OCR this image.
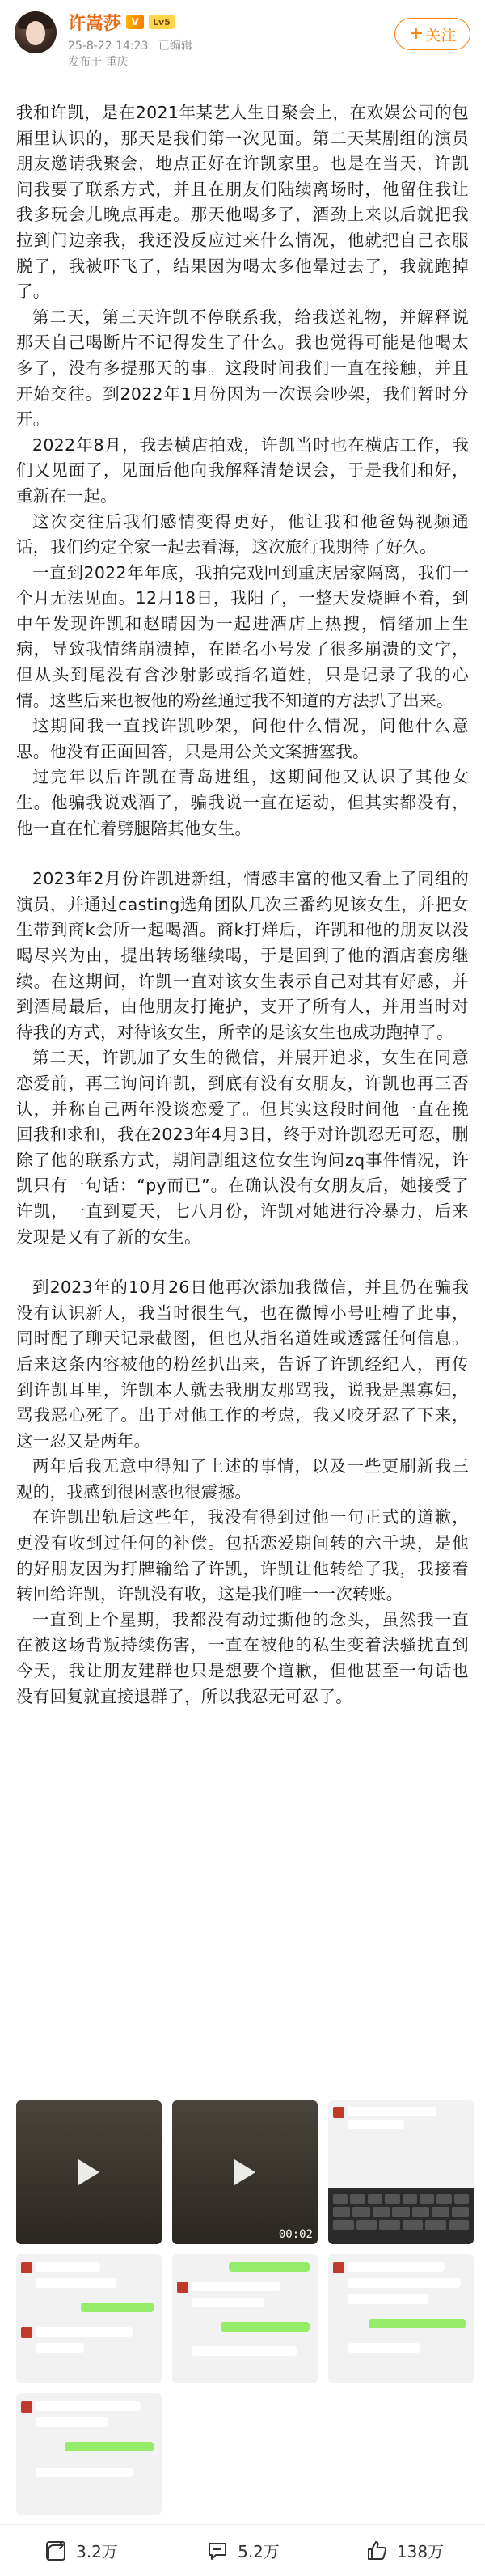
许嵩莎	V	Lv5
25-8-22 14:23 已编辑
发布于 重庆
+ 关注

我和许凯，是在2021年某艺人生日聚会上，在欢娱公司的包厢里认识的，那天是我们第一次见面。第二天某剧组的演员朋友邀请我聚会，地点正好在许凯家里。也是在当天，许凯问我要了联系方式，并且在朋友们陆续离场时，他留住我让我多玩会儿晚点再走。那天他喝多了，酒劲上来以后就把我拉到门边亲我，我还没反应过来什么情况，他就把自己衣服脱了，我被吓飞了，结果因为喝太多他晕过去了，我就跑掉了。

第二天，第三天许凯不停联系我，给我送礼物，并解释说那天自己喝断片不记得发生了什么。我也觉得可能是他喝太多了，没有多提那天的事。这段时间我们一直在接触，并且开始交往。到2022年1月份因为一次误会吵架，我们暂时分开。

2022年8月，我去横店拍戏，许凯当时也在横店工作，我们又见面了，见面后他向我解释清楚误会，于是我们和好，重新在一起。

这次交往后我们感情变得更好，他让我和他爸妈视频通话，我们约定全家一起去看海，这次旅行我期待了好久。

一直到2022年年底，我拍完戏回到重庆居家隔离，我们一个月无法见面。12月18日，我阳了，一整天发烧睡不着，到中午发现许凯和赵晴因为一起进酒店上热搜，情绪加上生病，导致我情绪崩溃掉，在匿名小号发了很多崩溃的文字，但从头到尾没有含沙射影或指名道姓，只是记录了我的心情。这些后来也被他的粉丝通过我不知道的方法扒了出来。

这期间我一直找许凯吵架，问他什么情况，问他什么意思。他没有正面回答，只是用公关文案搪塞我。

过完年以后许凯在青岛进组，这期间他又认识了其他女生。他骗我说戏酒了，骗我说一直在运动，但其实都没有，他一直在忙着劈腿陪其他女生。

2023年2月份许凯进新组，情感丰富的他又看上了同组的演员，并通过casting选角团队几次三番约见该女生，并把女生带到商k会所一起喝酒。商k打烊后，许凯和他的朋友以没喝尽兴为由，提出转场继续喝，于是回到了他的酒店套房继续。在这期间，许凯一直对该女生表示自己对其有好感，并到酒局最后，由他朋友打掩护，支开了所有人，并用当时对待我的方式，对待该女生，所幸的是该女生也成功跑掉了。

第二天，许凯加了女生的微信，并展开追求，女生在同意恋爱前，再三询问许凯，到底有没有女朋友，许凯也再三否认，并称自己两年没谈恋爱了。但其实这段时间他一直在挽回我和求和，我在2023年4月3日，终于对许凯忍无可忍，删除了他的联系方式，期间剧组这位女生询问zq事件情况，许凯只有一句话：“py而已”。在确认没有女朋友后，她接受了许凯，一直到夏天，七八月份，许凯对她进行冷暴力，后来发现是又有了新的女生。

到2023年的10月26日他再次添加我微信，并且仍在骗我没有认识新人，我当时很生气，也在微博小号吐槽了此事，同时配了聊天记录截图，但也从指名道姓或透露任何信息。后来这条内容被他的粉丝扒出来，告诉了许凯经纪人，再传到许凯耳里，许凯本人就去我朋友那骂我，说我是黑寡妇，骂我恶心死了。出于对他工作的考虑，我又咬牙忍了下来，这一忍又是两年。

两年后我无意中得知了上述的事情，以及一些更刷新我三观的，我感到很困惑也很震撼。

在许凯出轨后这些年，我没有得到过他一句正式的道歉，更没有收到过任何的补偿。包括恋爱期间转的六千块，是他的好朋友因为打牌输给了许凯，许凯让他转给了我，我接着转回给许凯，许凯没有收，这是我们唯一一次转账。

一直到上个星期，我都没有动过撕他的念头，虽然我一直在被这场背叛持续伤害，一直在被他的私生变着法骚扰直到今天，我让朋友建群也只是想要个道歉，但他甚至一句话也没有回复就直接退群了，所以我忍无可忍了。

00:02
3.2万	5.2万	138万
